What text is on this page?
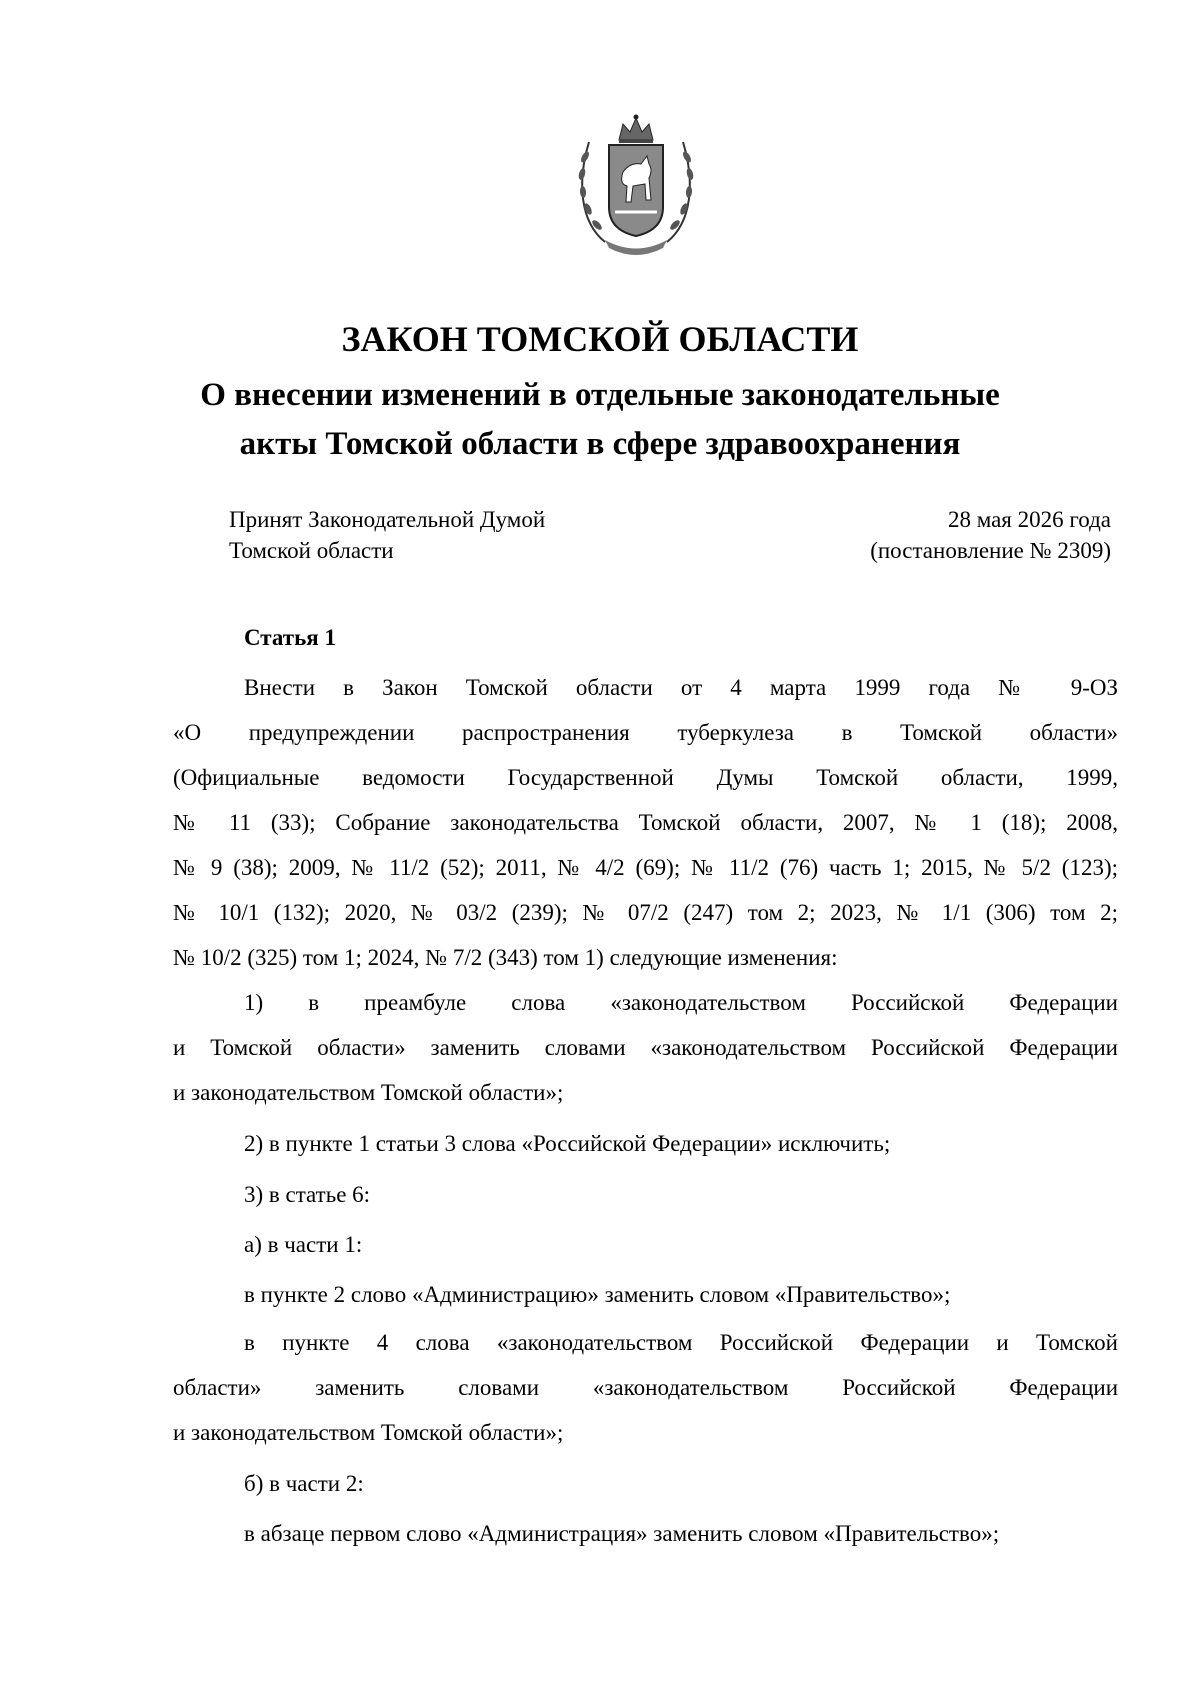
ЗАКОН ТОМСКОЙ ОБЛАСТИ
О внесении изменений в отдельные законодательные
акты Томской области в сфере здравоохранения
Принят Законодательной Думой
Томской области
28 мая 2026 года
(постановление № 2309)
Статья 1

Внести в Закон Томской области от 4 марта 1999 года № 9-ОЗ

«О предупреждении распространения туберкулеза в Томской области»

(Официальные ведомости Государственной Думы Томской области, 1999,

№ 11 (33); Собрание законодательства Томской области, 2007, № 1 (18); 2008,

№ 9 (38); 2009, № 11/2 (52); 2011, № 4/2 (69); № 11/2 (76) часть 1; 2015, № 5/2 (123);

№ 10/1 (132); 2020, № 03/2 (239); № 07/2 (247) том 2; 2023, № 1/1 (306) том 2;

№ 10/2 (325) том 1; 2024, № 7/2 (343) том 1) следующие изменения:

1) в преамбуле слова «законодательством Российской Федерации

и Томской области» заменить словами «законодательством Российской Федерации

и законодательством Томской области»;

2) в пункте 1 статьи 3 слова «Российской Федерации» исключить;

3) в статье 6:

а) в части 1:

в пункте 2 слово «Администрацию» заменить словом «Правительство»;

в пункте 4 слова «законодательством Российской Федерации и Томской

области» заменить словами «законодательством Российской Федерации

и законодательством Томской области»;

б) в части 2:

в абзаце первом слово «Администрация» заменить словом «Правительство»;
